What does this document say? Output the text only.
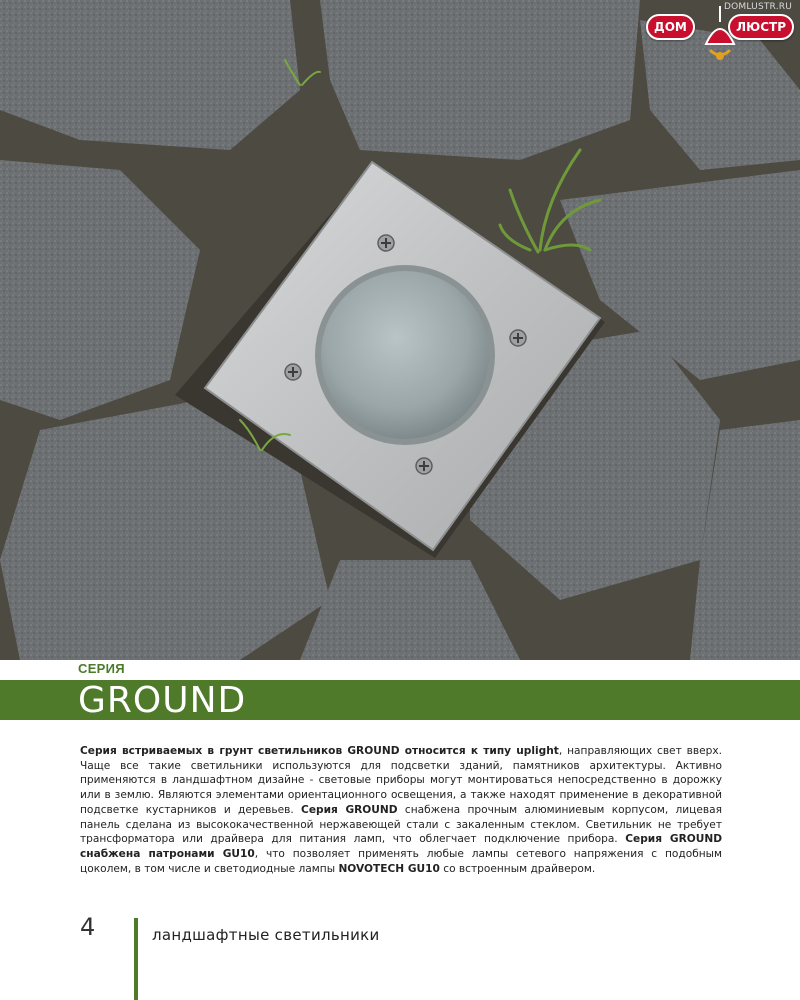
DOMLUSTR.RU
ДОМ	ЛЮСТР
СЕРИЯ
GROUND
Серия встриваемых в грунт светильников GROUND относится к типу uplight, направляющих свет вверх. Чаще все такие светильники используются для подсветки зданий, памятников архитектуры. Активно применяются в ландшафтном дизайне - световые приборы могут монтироваться непосредственно в дорожку или в землю. Являются элементами ориентационного освещения, а также находят применение в декоративной подсветке кустарников и деревьев. Серия GROUND снабжена прочным алюминиевым корпусом, лицевая панель сделана из высококачественной нержавеющей стали с закаленным стеклом. Светильник не требует трансформатора или драйвера для питания ламп, что облегчает подключение прибора. Серия GROUND снабжена патронами GU10, что позволяет применять любые лампы сетевого напряжения с подобным цоколем, в том числе и светодиодные лампы NOVOTECH GU10 со встроенным драйвером.
4	ландшафтные светильники
